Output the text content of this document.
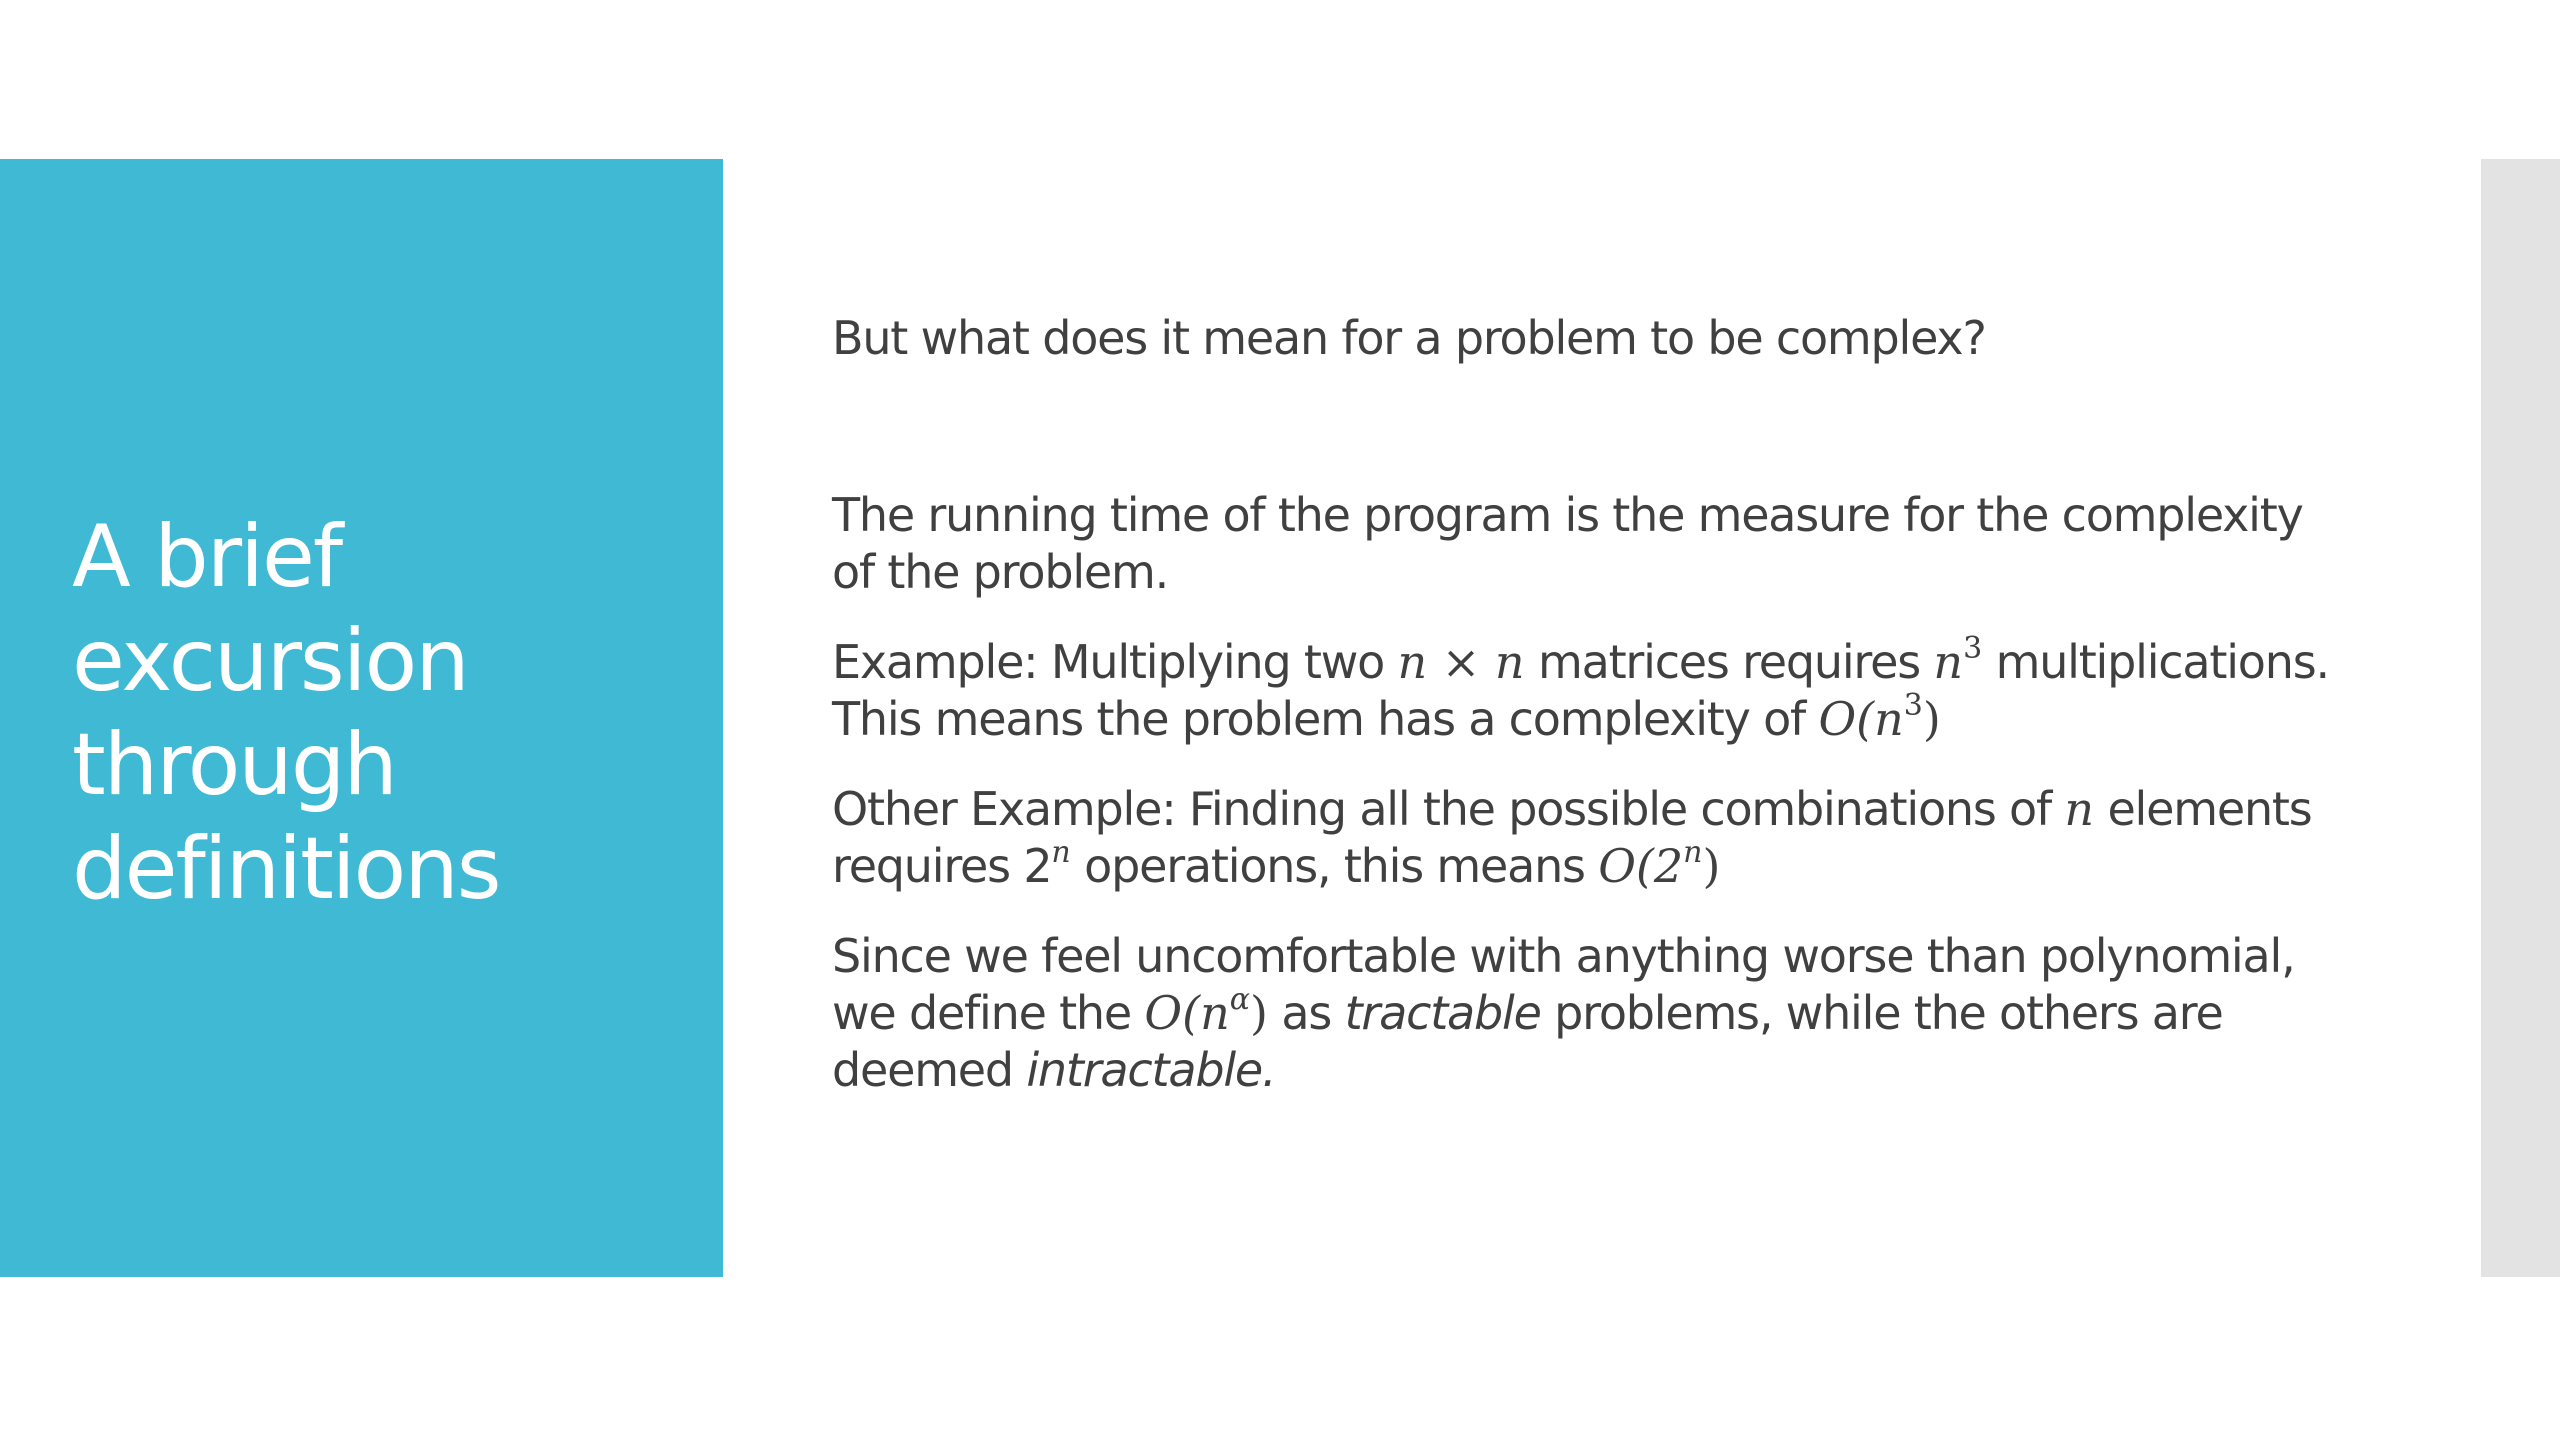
A brief excursion through definitions

But what does it mean for a problem to be complex?

The running time of the program is the measure for the complexity of the problem.

Example: Multiplying two n × n matrices requires $n^3$ multiplications. This means the problem has a complexity of $O(n^3)$

Other Example: Finding all the possible combinations of n elements requires 2$^n$ operations, this means O(2$^n$)

Since we feel uncomfortable with anything worse than polynomial, we define the $O(n^\alpha)$ as tractable problems, while the others are deemed intractable.
